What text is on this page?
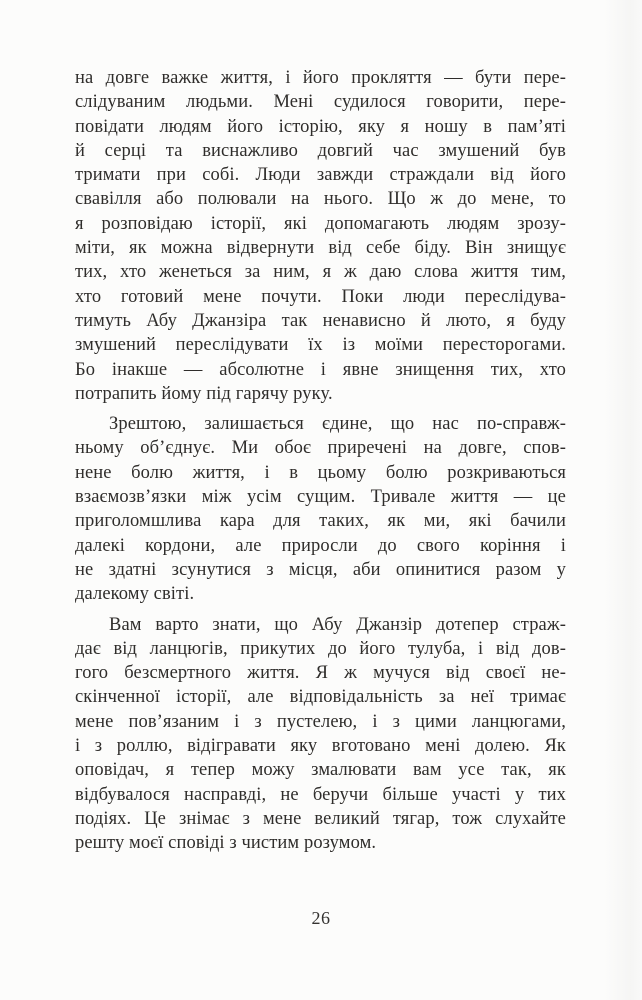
на довге важке життя, і його прокляття — бути пере-
слідуваним людьми. Мені судилося говорити, пере-
повідати людям його історію, яку я ношу в пам’яті
й серці та виснажливо довгий час змушений був
тримати при собі. Люди завжди страждали від його
свавілля або полювали на нього. Що ж до мене, то
я розповідаю історії, які допомагають людям зрозу-
міти, як можна відвернути від себе біду. Він знищує
тих, хто женеться за ним, я ж даю слова життя тим,
хто готовий мене почути. Поки люди переслідува-
тимуть Абу Джанзіра так ненависно й люто, я буду
змушений переслідувати їх із моїми пересторогами.
Бо інакше — абсолютне і явне знищення тих, хто
потрапить йому під гарячу руку.
Зрештою, залишається єдине, що нас по-справж-
ньому об’єднує. Ми обоє приречені на довге, спов-
нене болю життя, і в цьому болю розкриваються
взаємозв’язки між усім сущим. Тривале життя — це
приголомшлива кара для таких, як ми, які бачили
далекі кордони, але приросли до свого коріння і
не здатні зсунутися з місця, аби опинитися разом у
далекому світі.
Вам варто знати, що Абу Джанзір дотепер страж-
дає від ланцюгів, прикутих до його тулуба, і від дов-
гого безсмертного життя. Я ж мучуся від своєї не-
скінченної історії, але відповідальність за неї тримає
мене пов’язаним і з пустелею, і з цими ланцюгами,
і з роллю, відігравати яку вготовано мені долею. Як
оповідач, я тепер можу змалювати вам усе так, як
відбувалося насправді, не беручи більше участі у тих
подіях. Це знімає з мене великий тягар, тож слухайте
решту моєї сповіді з чистим розумом.
26
